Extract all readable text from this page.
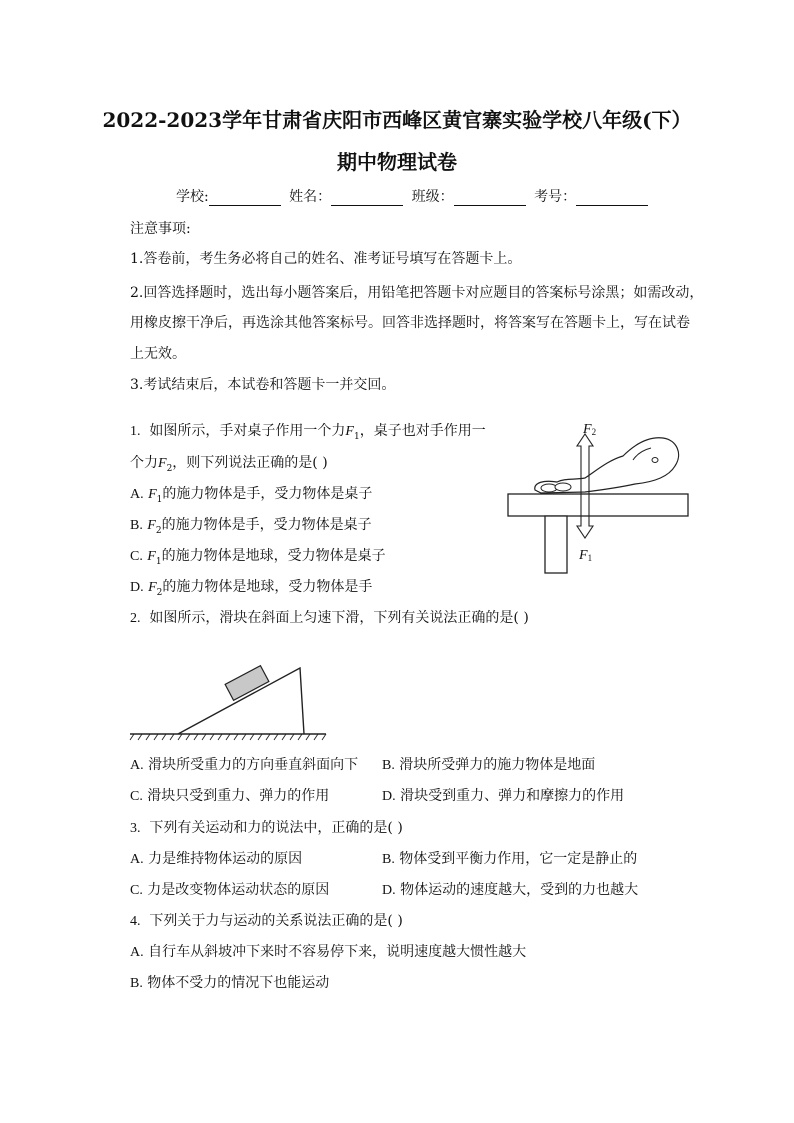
2022-2023学年甘肃省庆阳市西峰区黄官寨实验学校八年级(下）
期中物理试卷
学校:	姓名：	班级：	考号：
注意事项:
1.答卷前，考生务必将自己的姓名、准考证号填写在答题卡上。
2.回答选择题时，选出每小题答案后，用铅笔把答题卡对应题目的答案标号涂黑；如需改动，
用橡皮擦干净后，再选涂其他答案标号。回答非选择题时，将答案写在答题卡上，写在试卷
上无效。
3.考试结束后，本试卷和答题卡一并交回。
1. 如图所示，手对桌子作用一个力$F_1$，桌子也对手作用一
个力$F_2$，则下列说法正确的是( )
A. $F_1$的施力物体是手，受力物体是桌子
B. $F_2$的施力物体是手，受力物体是桌子
C. $F_1$的施力物体是地球，受力物体是桌子
D. $F_2$的施力物体是地球，受力物体是手
F2
F1
2. 如图所示，滑块在斜面上匀速下滑，下列有关说法正确的是( )
A. 滑块所受重力的方向垂直斜面向下 B. 滑块所受弹力的施力物体是地面
C. 滑块只受到重力、弹力的作用	D. 滑块受到重力、弹力和摩擦力的作用
3. 下列有关运动和力的说法中，正确的是( )
A. 力是维持物体运动的原因	B. 物体受到平衡力作用，它一定是静止的
C. 力是改变物体运动状态的原因	D. 物体运动的速度越大，受到的力也越大
4. 下列关于力与运动的关系说法正确的是( )
A. 自行车从斜坡冲下来时不容易停下来，说明速度越大惯性越大
B. 物体不受力的情况下也能运动
